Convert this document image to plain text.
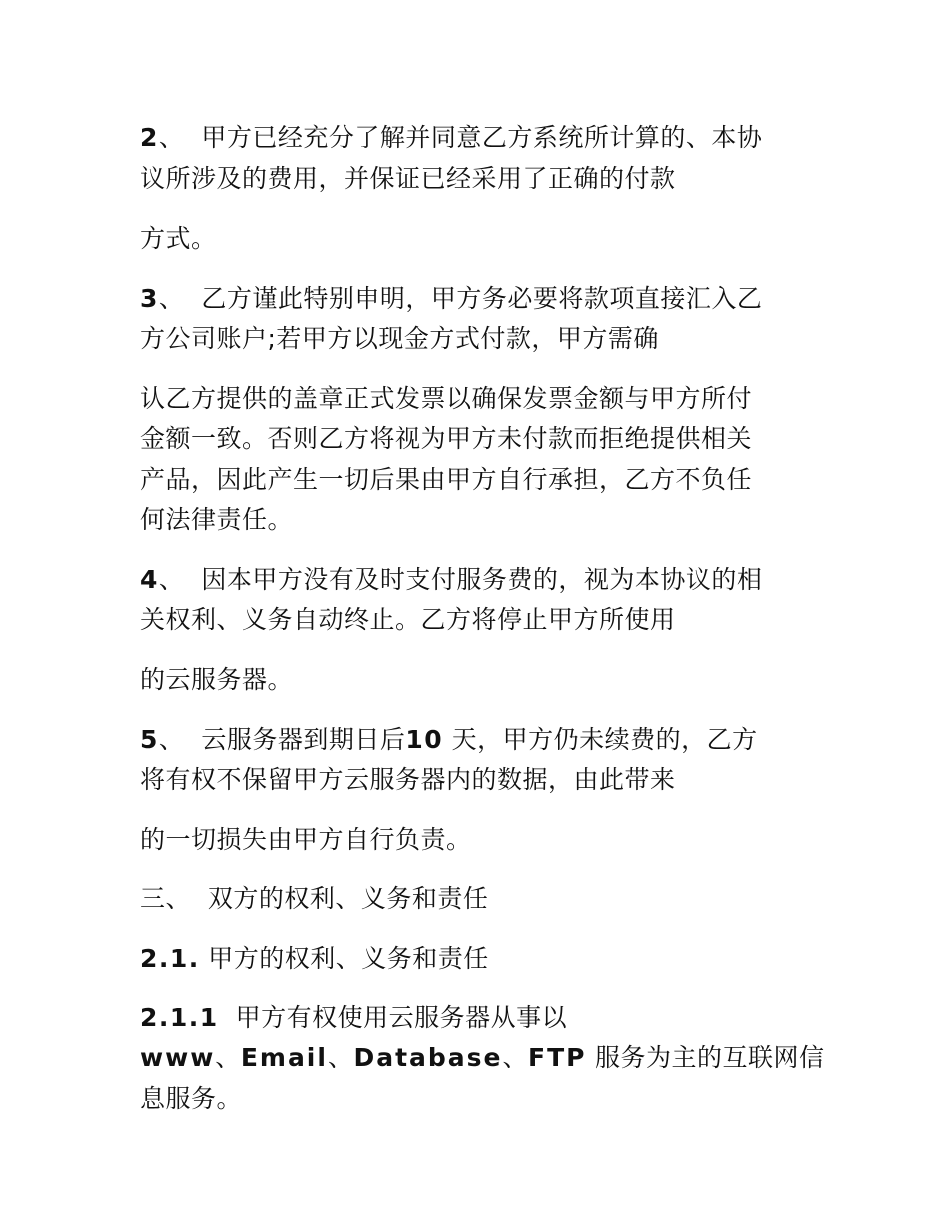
2、 甲方已经充分了解并同意乙方系统所计算的、本协
议所涉及的费用，并保证已经采用了正确的付款
方式。
3、 乙方谨此特别申明，甲方务必要将款项直接汇入乙
方公司账户;若甲方以现金方式付款，甲方需确
认乙方提供的盖章正式发票以确保发票金额与甲方所付
金额一致。否则乙方将视为甲方未付款而拒绝提供相关
产品，因此产生一切后果由甲方自行承担，乙方不负任
何法律责任。
4、 因本甲方没有及时支付服务费的，视为本协议的相
关权利、义务自动终止。乙方将停止甲方所使用
的云服务器。
5、 云服务器到期日后10 天，甲方仍未续费的，乙方
将有权不保留甲方云服务器内的数据，由此带来
的一切损失由甲方自行负责。
三、 双方的权利、义务和责任
2.1. 甲方的权利、义务和责任
2.1.1 甲方有权使用云服务器从事以
www、Email、Database、FTP 服务为主的互联网信
息服务。
